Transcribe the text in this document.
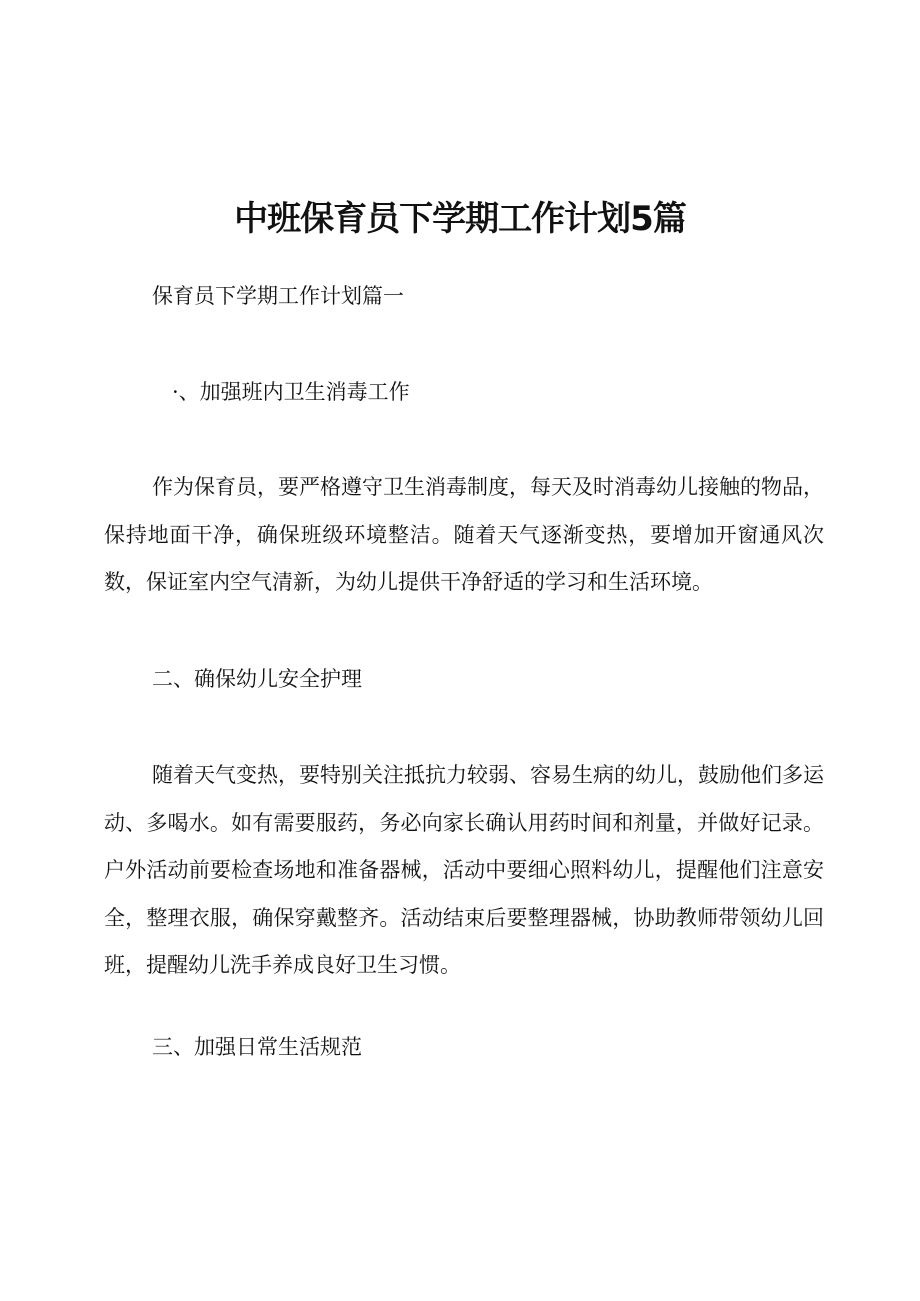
中班保育员下学期工作计划5篇
保育员下学期工作计划篇一
·、加强班内卫生消毒工作

作为保育员，要严格遵守卫生消毒制度，每天及时消毒幼儿接触的物品，保持地面干净，确保班级环境整洁。随着天气逐渐变热，要增加开窗通风次数，保证室内空气清新，为幼儿提供干净舒适的学习和生活环境。

二、确保幼儿安全护理

随着天气变热，要特别关注抵抗力较弱、容易生病的幼儿，鼓励他们多运动、多喝水。如有需要服药，务必向家长确认用药时间和剂量，并做好记录。户外活动前要检查场地和准备器械，活动中要细心照料幼儿，提醒他们注意安全，整理衣服，确保穿戴整齐。活动结束后要整理器械，协助教师带领幼儿回班，提醒幼儿洗手养成良好卫生习惯。

三、加强日常生活规范
